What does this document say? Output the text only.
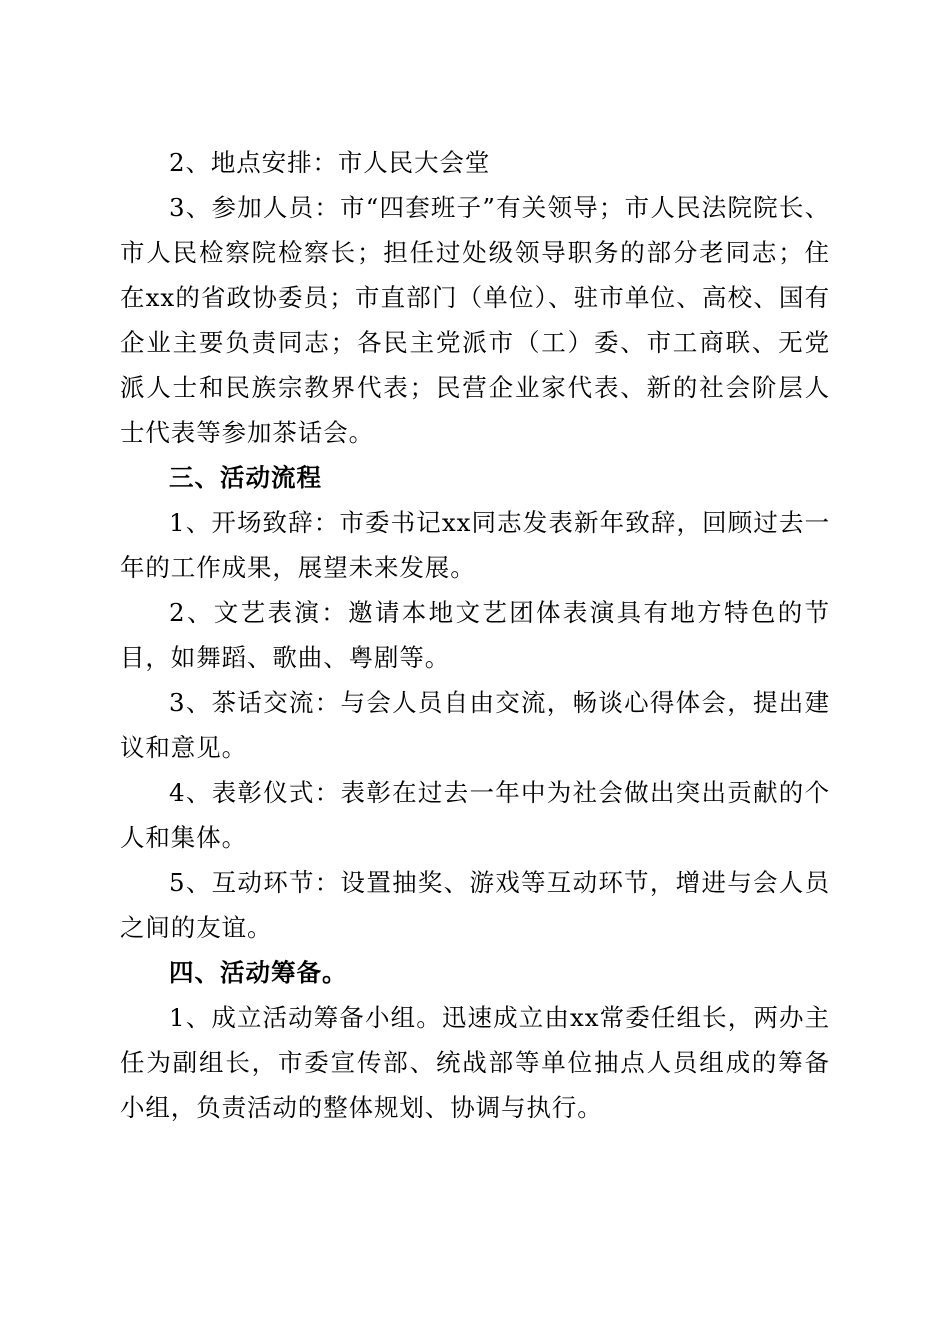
2、地点安排：市人民大会堂

3、参加人员：市“四套班子”有关领导；市人民法院院长、市人民检察院检察长；担任过处级领导职务的部分老同志；住在xx的省政协委员；市直部门（单位）、驻市单位、高校、国有企业主要负责同志；各民主党派市（工）委、市工商联、无党派人士和民族宗教界代表；民营企业家代表、新的社会阶层人士代表等参加茶话会。

三、活动流程

1、开场致辞：市委书记xx同志发表新年致辞，回顾过去一年的工作成果，展望未来发展。

2、文艺表演：邀请本地文艺团体表演具有地方特色的节目，如舞蹈、歌曲、粤剧等。

3、茶话交流：与会人员自由交流，畅谈心得体会，提出建议和意见。

4、表彰仪式：表彰在过去一年中为社会做出突出贡献的个人和集体。

5、互动环节：设置抽奖、游戏等互动环节，增进与会人员之间的友谊。

四、活动筹备。

1、成立活动筹备小组。迅速成立由xx常委任组长，两办主任为副组长，市委宣传部、统战部等单位抽点人员组成的筹备小组，负责活动的整体规划、协调与执行。
